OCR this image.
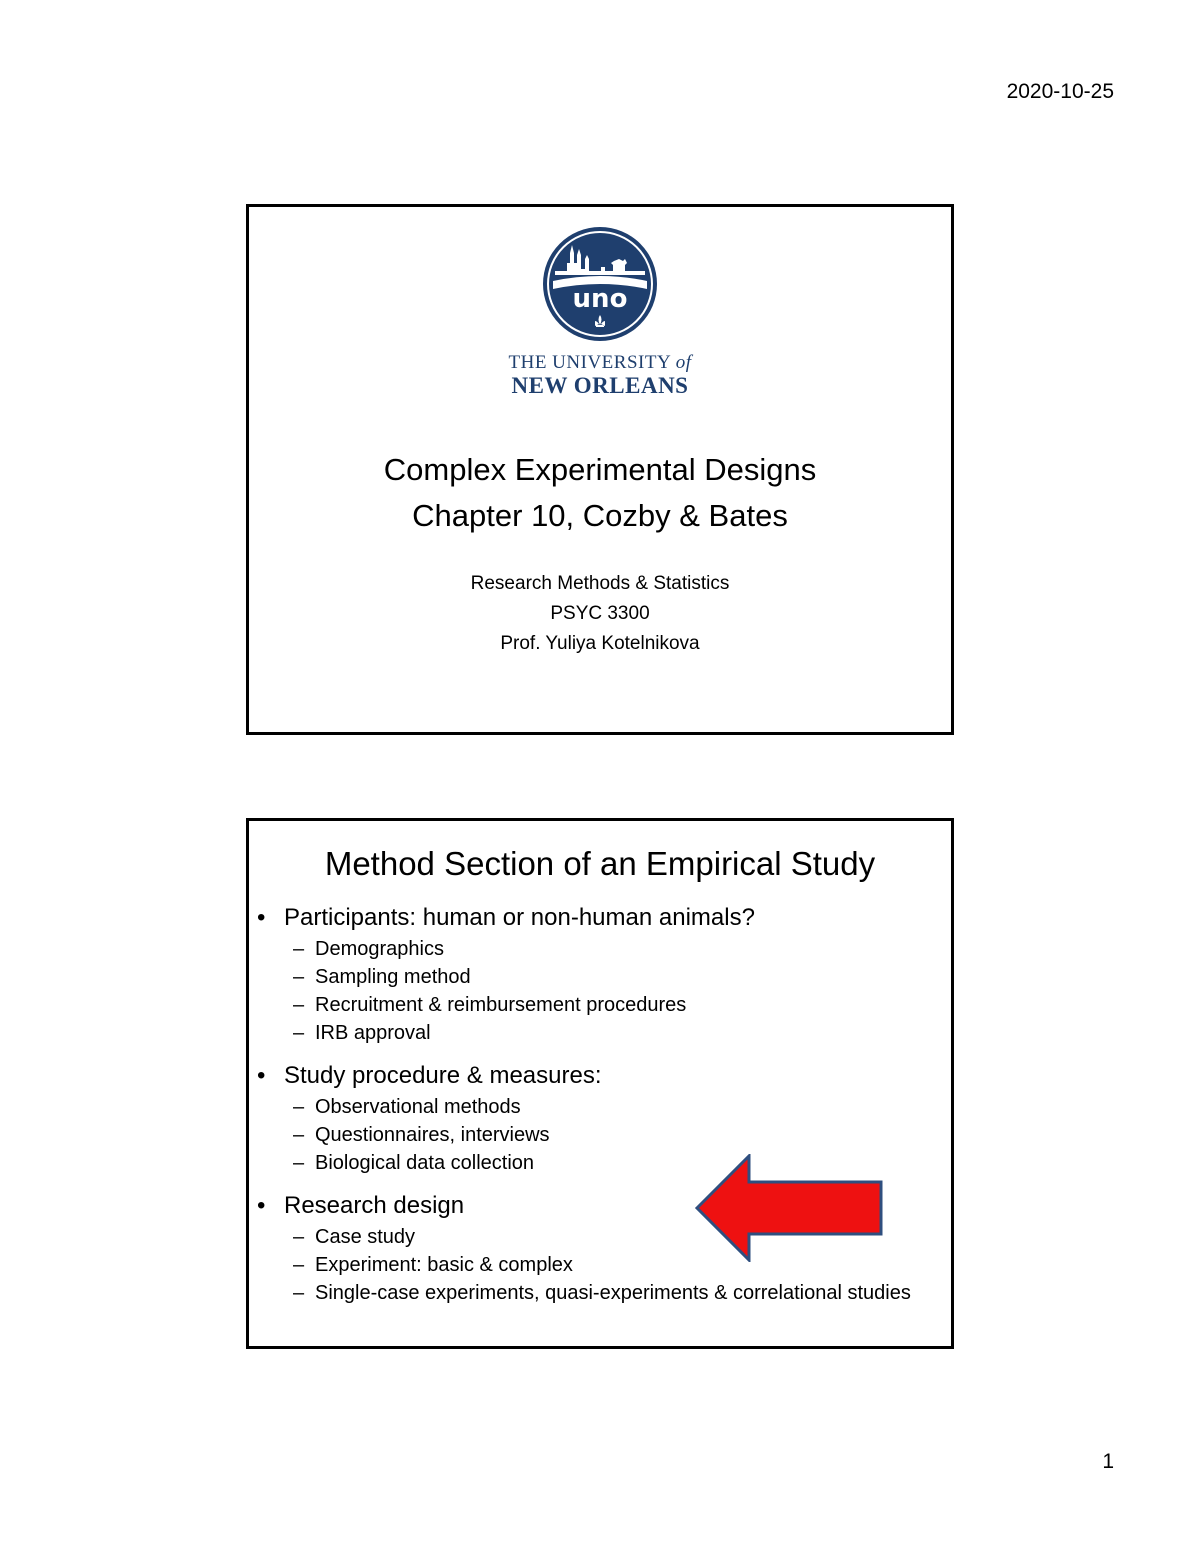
2020-10-25
uno
THE UNIVERSITY of
NEW ORLEANS
Complex Experimental Designs
Chapter 10, Cozby & Bates
Research Methods & Statistics
PSYC 3300
Prof. Yuliya Kotelnikova
Method Section of an Empirical Study
• Participants: human or non-human animals?
– Demographics
– Sampling method
– Recruitment & reimbursement procedures
– IRB approval
• Study procedure & measures:
– Observational methods
– Questionnaires, interviews
– Biological data collection
• Research design
– Case study
– Experiment: basic & complex
– Single-case experiments, quasi-experiments & correlational studies
1
